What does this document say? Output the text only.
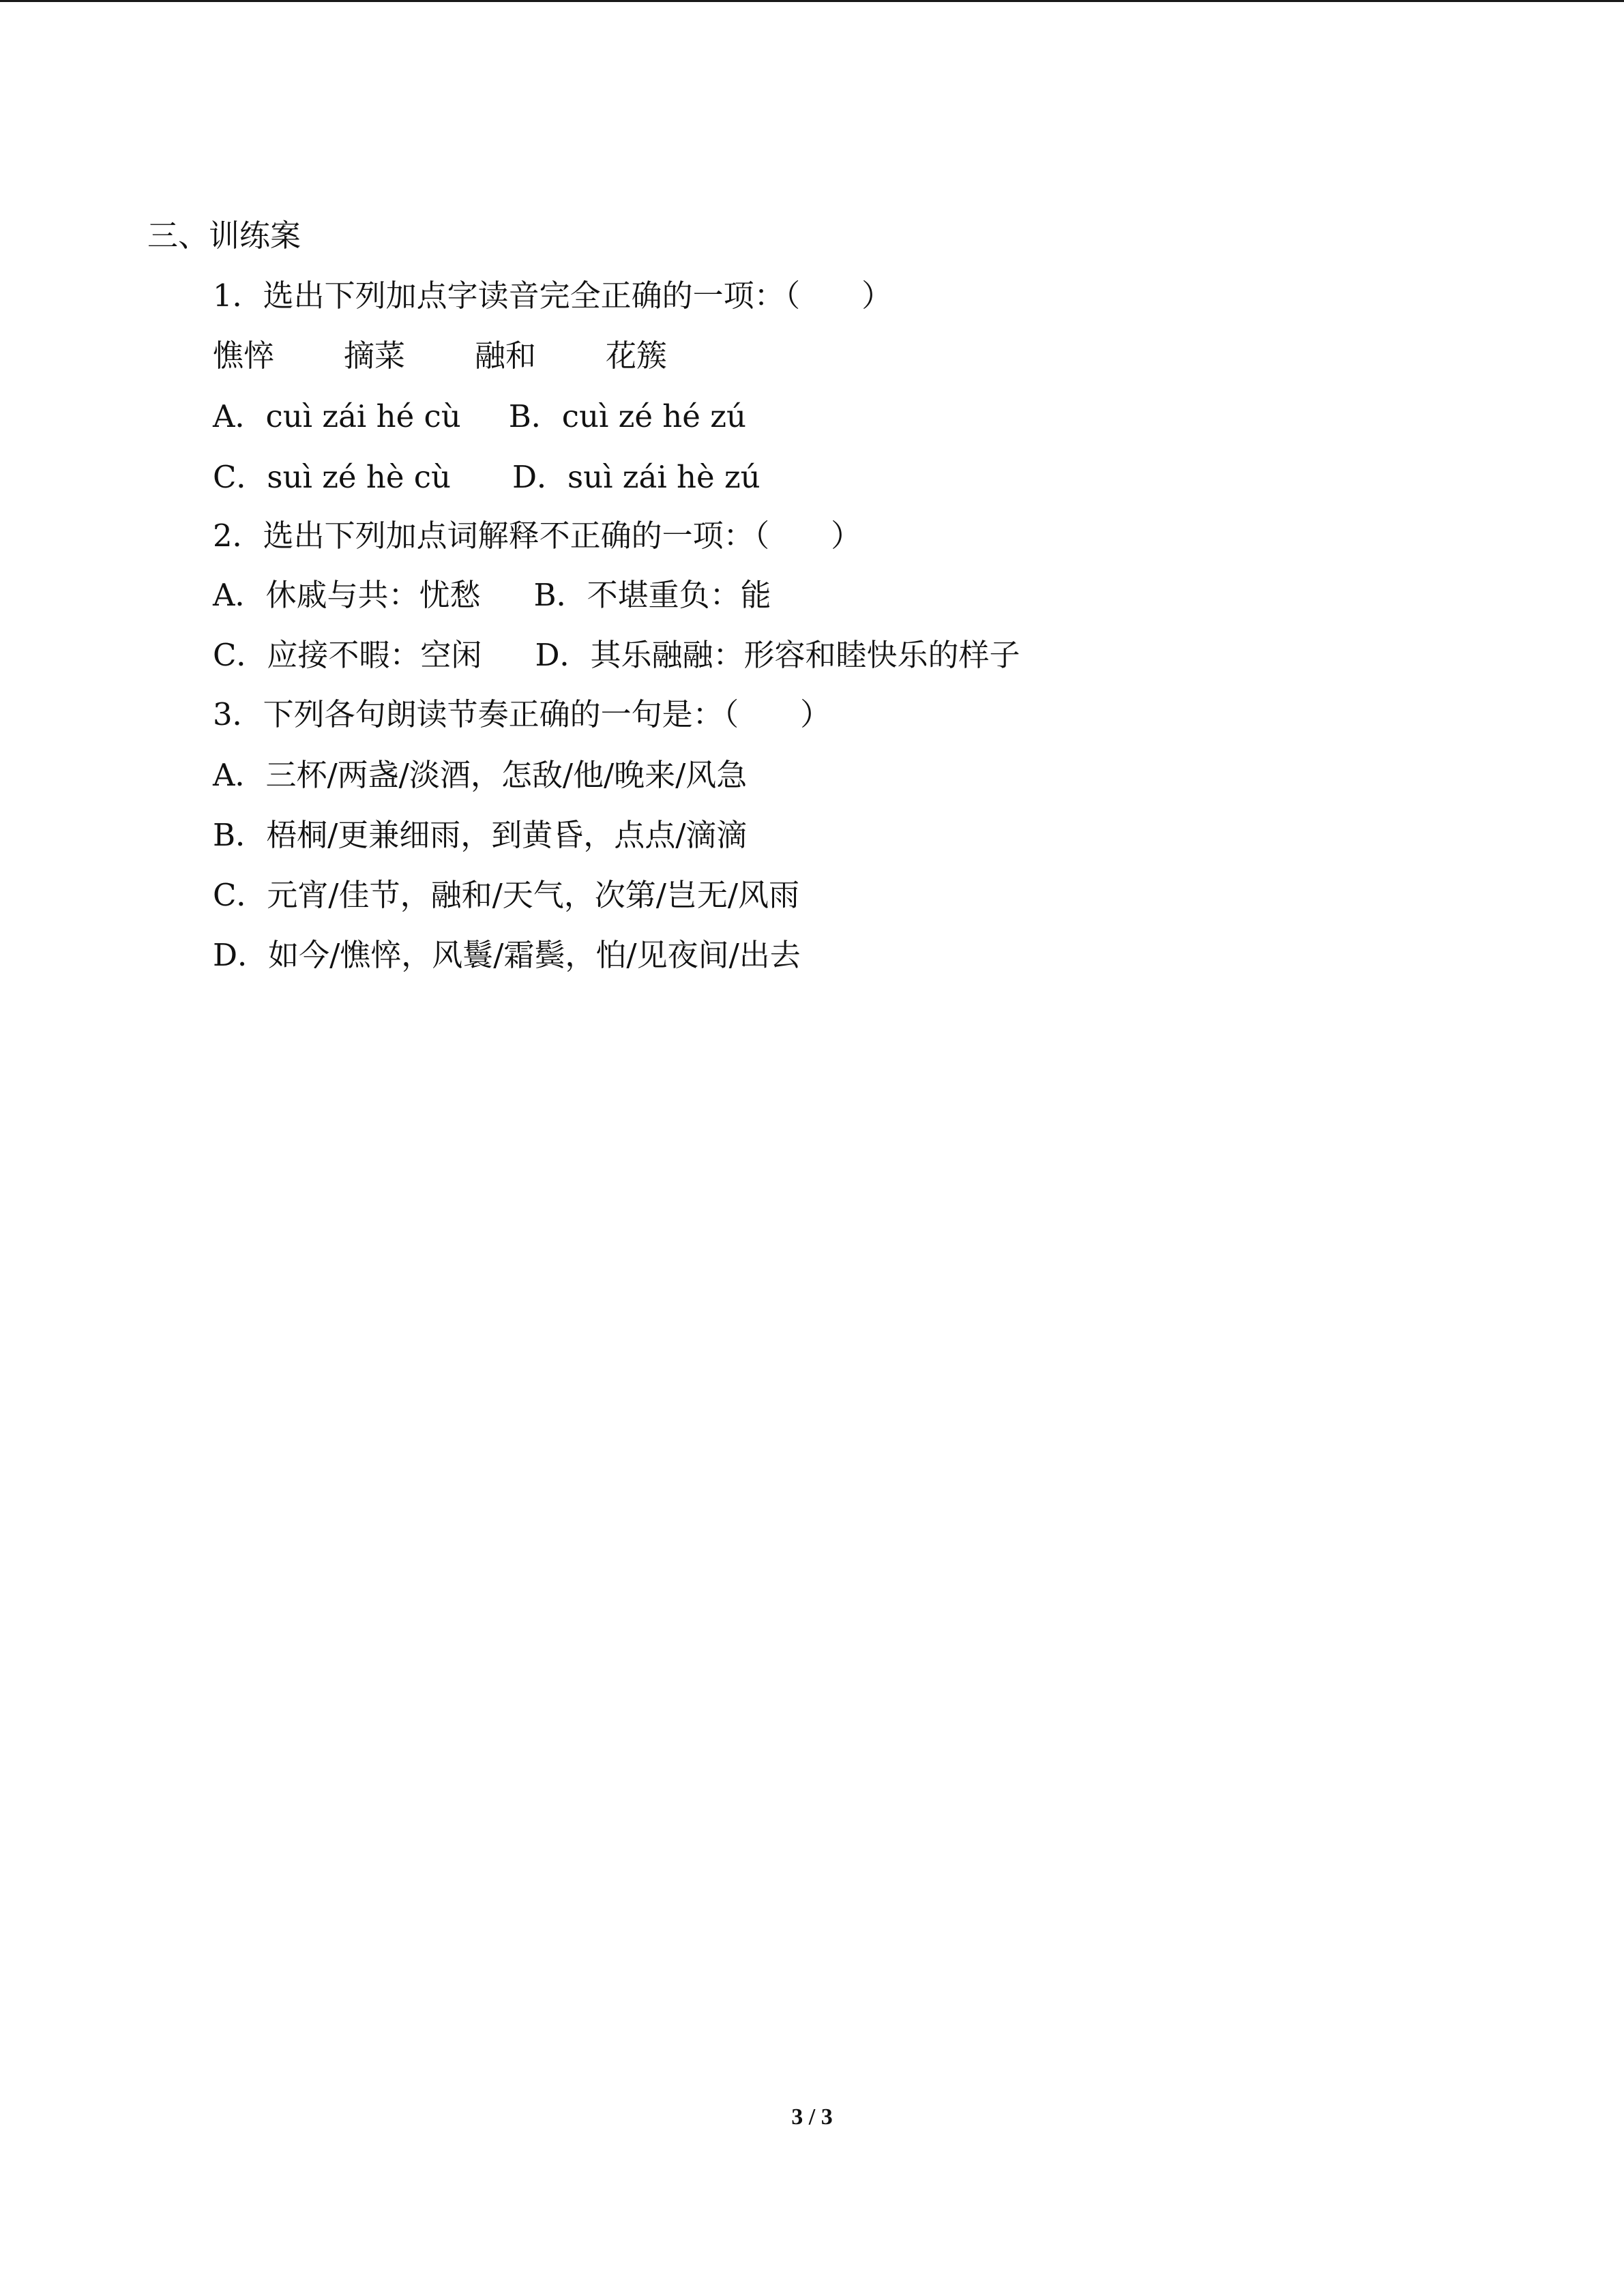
三、训练案
1．选出下列加点字读音完全正确的一项：（　　）
憔悴 摘菜 融和 花簇
A．cuì zái hé cù B．cuì zé hé zú
C．suì zé hè cù D．suì zái hè zú
2．选出下列加点词解释不正确的一项：（　　）
A．休戚与共：忧愁 B．不堪重负：能
C．应接不暇：空闲 D．其乐融融：形容和睦快乐的样子
3．下列各句朗读节奏正确的一句是：（　　）
A．三杯/两盏/淡酒，怎敌/他/晚来/风急
B．梧桐/更兼细雨，到黄昏，点点/滴滴
C．元宵/佳节，融和/天气，次第/岂无/风雨
D．如今/憔悴，风鬟/霜鬓，怕/见夜间/出去
3 / 3
